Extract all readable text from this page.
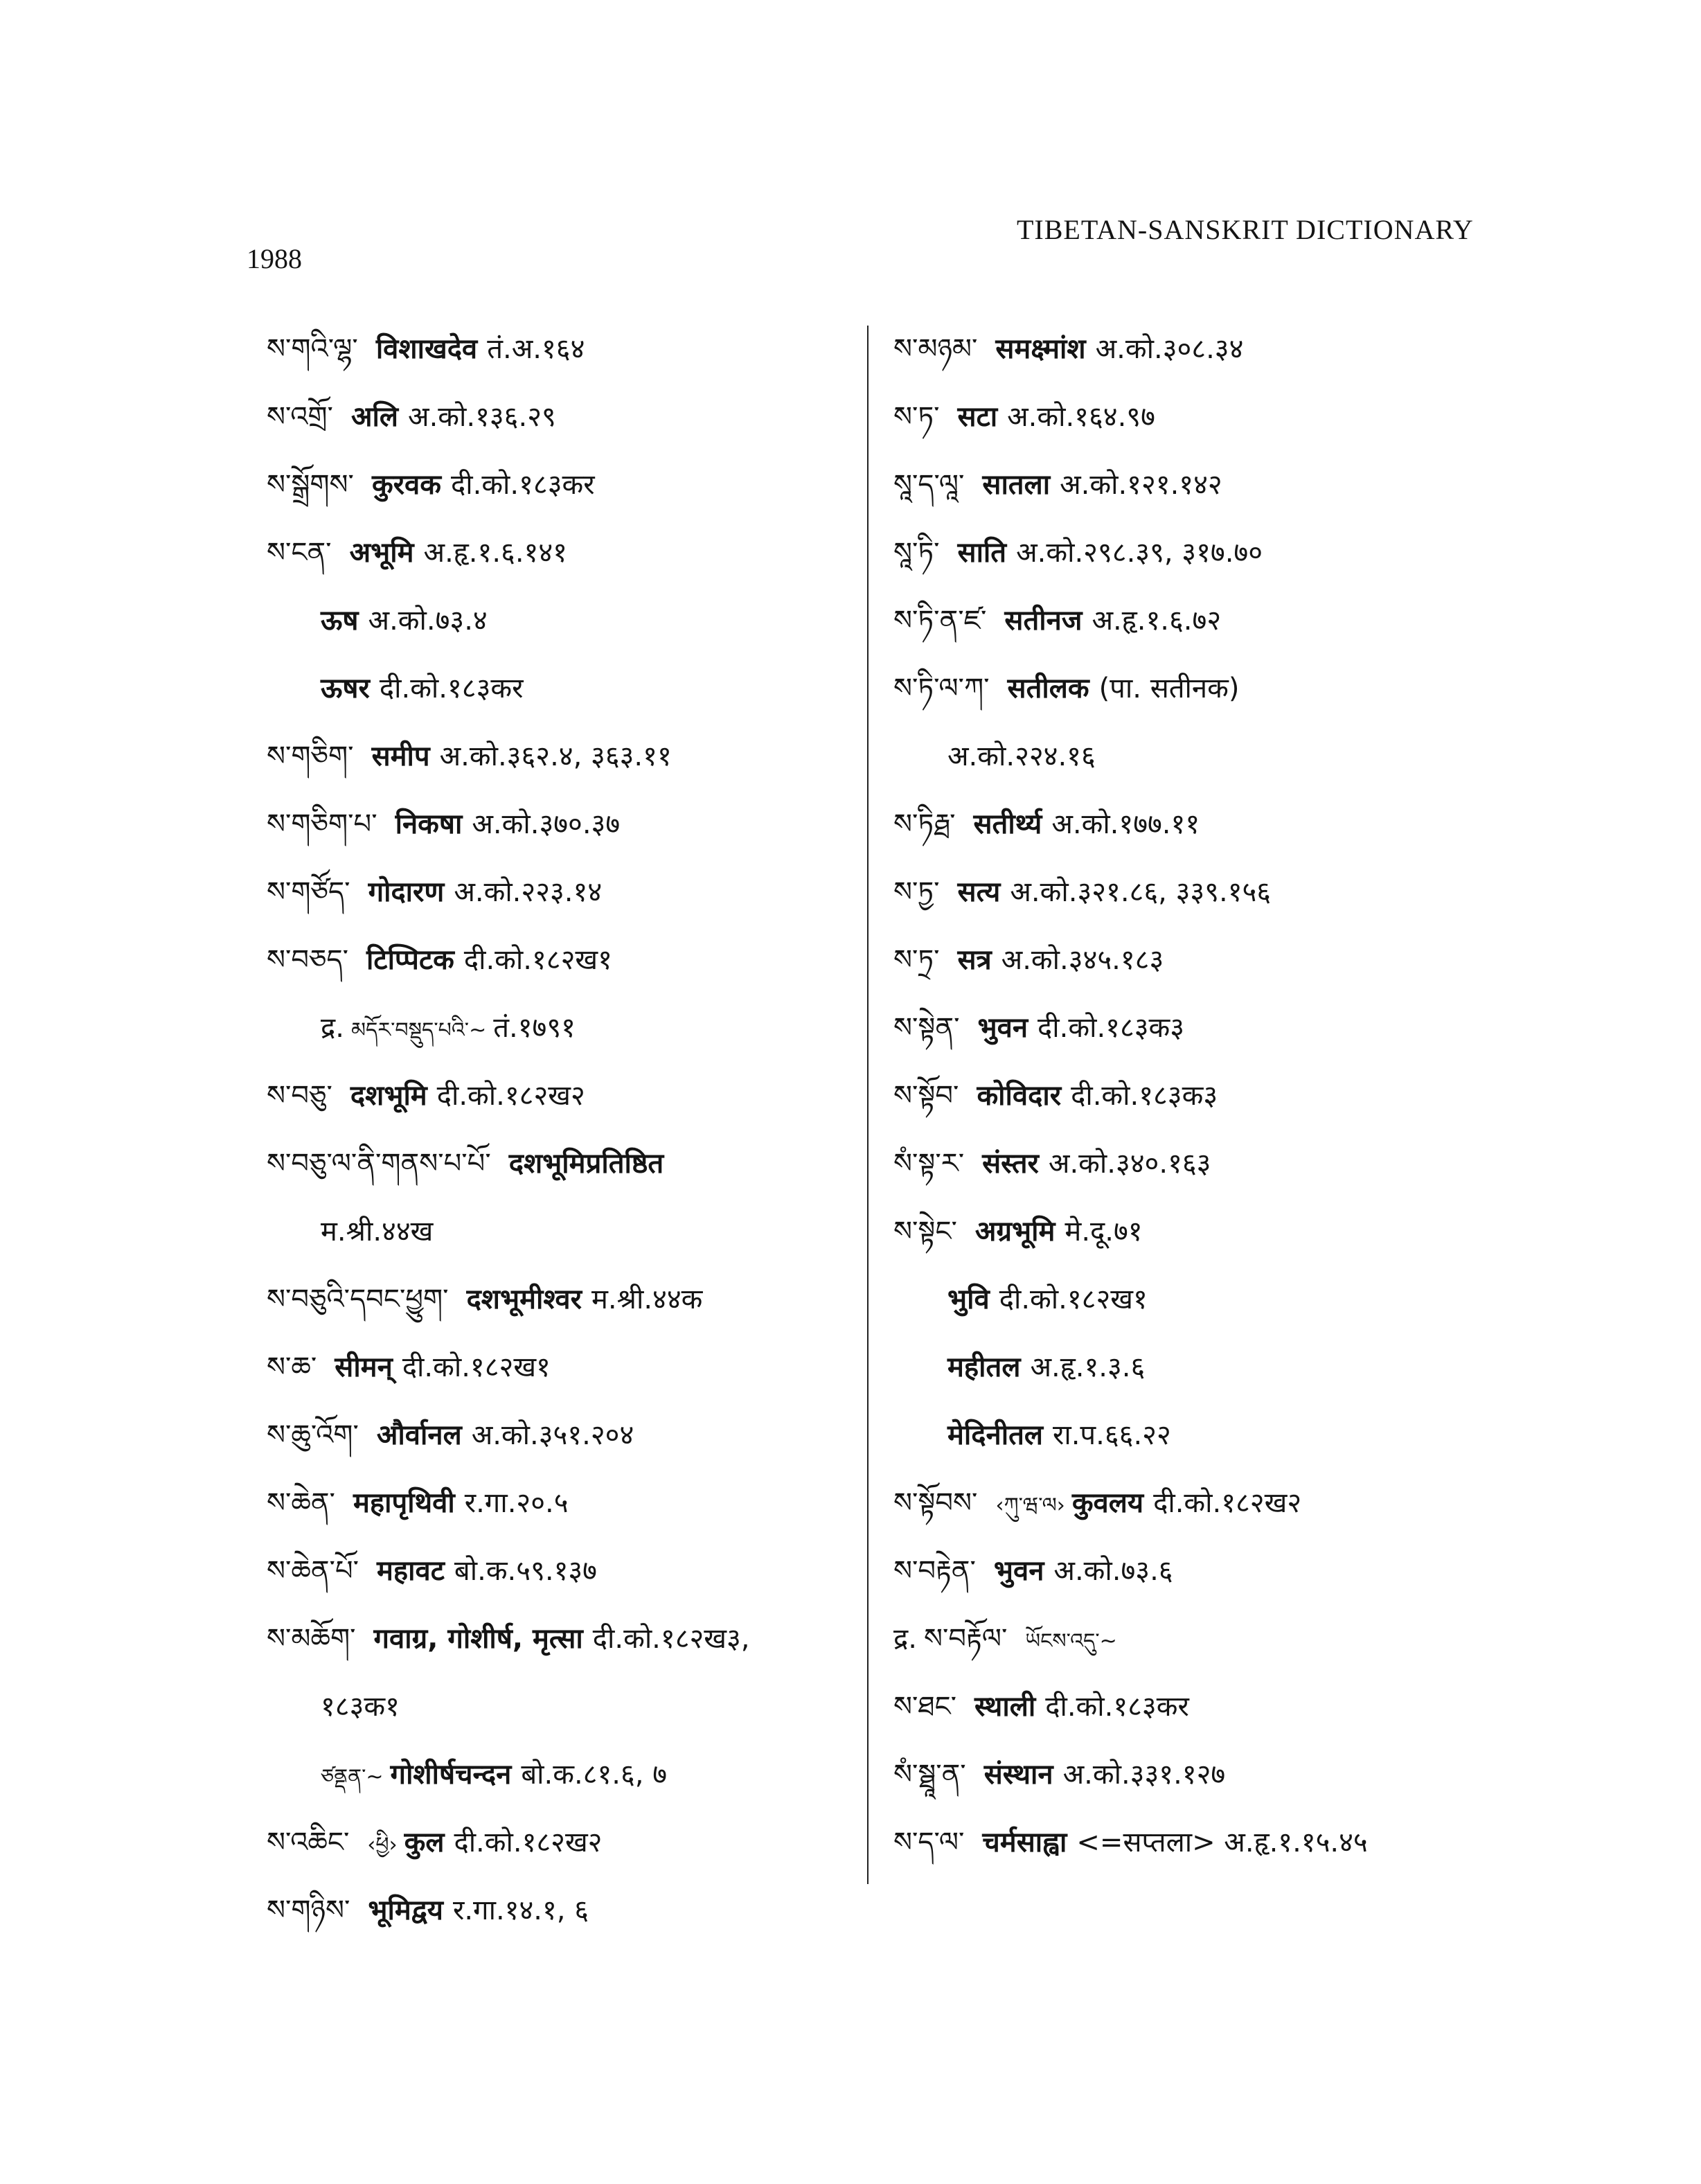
1988
TIBETAN-SANSKRIT DICTIONARY
ས་གའི་ལྷ་ विशाखदेव तं.अ.१६४
ས་འགྲོ་ अलि अ.को.१३६.२९
ས་སྒྲོགས་ कुरवक दी.को.१८३कर
ས་ངན་ अभूमि अ.हृ.१.६.१४१
ऊष अ.को.७३.४
ऊषर दी.को.१८३कर
ས་གཅིག་ समीप अ.को.३६२.४, ३६३.११
ས་གཅིག་པ་ निकषा अ.को.३७०.३७
ས་གཙོད་ गोदारण अ.को.२२३.१४
ས་བཅད་ टिप्पिटक दी.को.१८२ख१
द्र. མདོར་བསྡུད་པའི་~ तं.१७९१
ས་བཅུ་ दशभूमि दी.को.१८२ख२
ས་བཅུ་ལ་ནི་གནས་པ་པོ་ दशभूमिप्रतिष्ठित
म.श्री.४४ख
ས་བཅུའི་དབང་ཕྱུག་ दशभूमीश्वर म.श्री.४४क
ས་ཆ་ सीमन् दी.को.१८२ख१
ས་ཆུ་འོག་ और्वानल अ.को.३५१.२०४
ས་ཆེན་ महापृथिवी र.गा.२०.५
ས་ཆེན་པོ་ महावट बो.क.५९.१३७
ས་མཆོག་ गवाग्र, गोशीर्ष, मृत्सा दी.को.१८२ख३,
१८३क१
ཙནྡན་~ गोशीर्षचन्दन बो.क.८१.६, ७
ས་འཆིང་ ‹ཕྱི› कुल दी.को.१८२ख२
ས་གཉིས་ भूमिद्वय र.गा.१४.१, ६
ས་མཉམ་ समक्ष्मांश अ.को.३०८.३४
ས་ཏ་ सटा अ.को.१६४.९७
སཱ་ད་ལཱ་ सातला अ.को.१२१.१४२
སཱ་ཏི་ साति अ.को.२९८.३९, ३१७.७०
ས་ཏི་ན་ཛ་ सतीनज अ.हृ.१.६.७२
ས་ཏི་ལ་ཀ་ सतीलक (पा. सतीनक)
अ.को.२२४.१६
ས་ཏིརྠ་ सतीर्थ्य अ.को.१७७.११
ས་ཏྱ་ सत्य अ.को.३२१.८६, ३३९.१५६
ས་ཏྲ་ सत्र अ.को.३४५.१८३
ས་སྟེན་ भुवन दी.को.१८३क३
ས་སྟོབ་ कोविदार दी.को.१८३क३
སཾ་སྟ་ར་ संस्तर अ.को.३४०.१६३
ས་སྟེང་ अग्रभूमि मे.दू.७१
भुवि दी.को.१८२ख१
महीतल अ.हृ.१.३.६
मेदिनीतल रा.प.६६.२२
ས་སྟོབས་ ‹ཀུ་ཝ་ལ› कुवलय दी.को.१८२ख२
ས་བརྟེན་ भुवन अ.को.७३.६
द्र. ས་བརྟོལ་ ཡོངས་འདུ་~
ས་ཐང་ स्थाली दी.को.१८३कर
སཾ་སྠཱ་ན་ संस्थान अ.को.३३१.१२७
ས་ད་ལ་ चर्मसाह्वा <=सप्तला> अ.हृ.१.१५.४५
